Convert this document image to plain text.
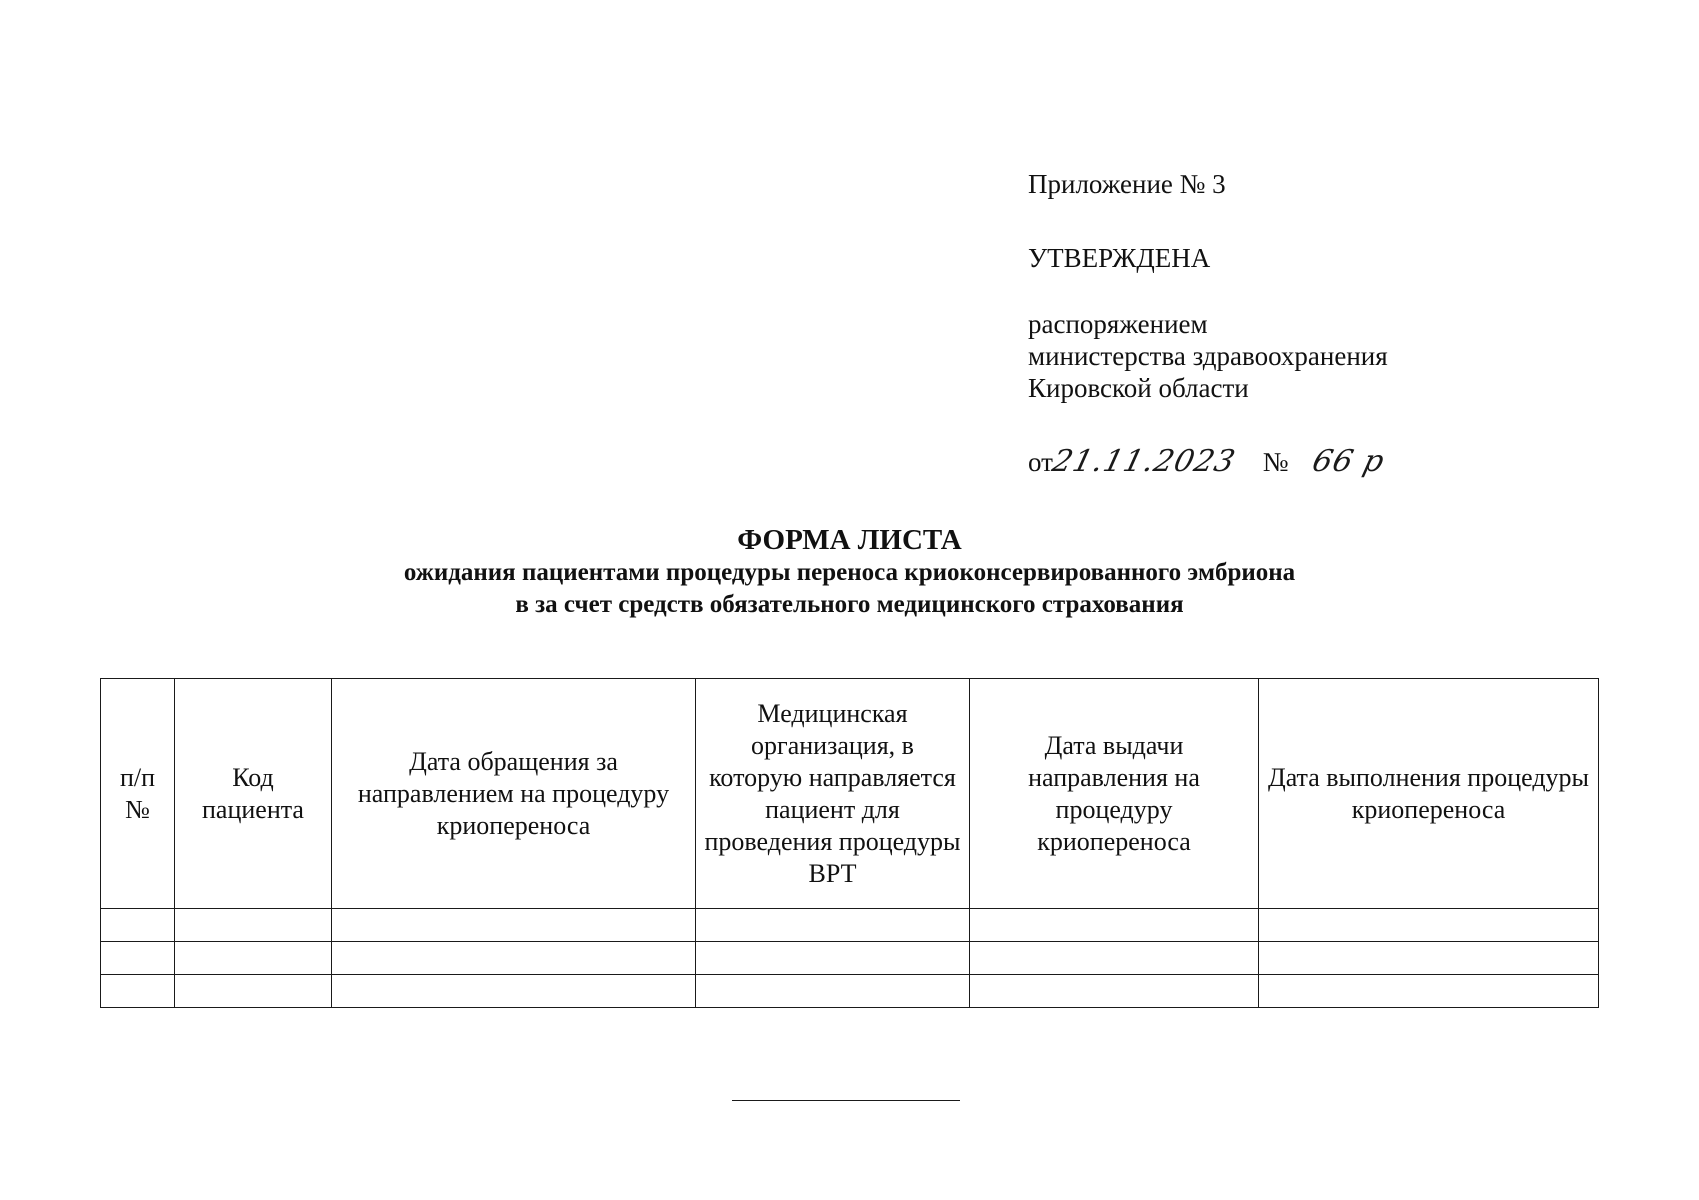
Приложение № 3
УТВЕРЖДЕНА
распоряжением
министерства здравоохранения
Кировской области
от
21.11.2023 № 66 р
ФОРМА ЛИСТА
ожидания пациентами процедуры переноса криоконсервированного эмбриона
в за счет средств обязательного медицинского страхования
п/п №	Код пациента	Дата обращения за направлением на процедуру криопереноса	Медицинская организация, в которую направляется пациент для проведения процедуры ВРТ	Дата выдачи направления на процедуру криопереноса	Дата выполнения процедуры криопереноса
